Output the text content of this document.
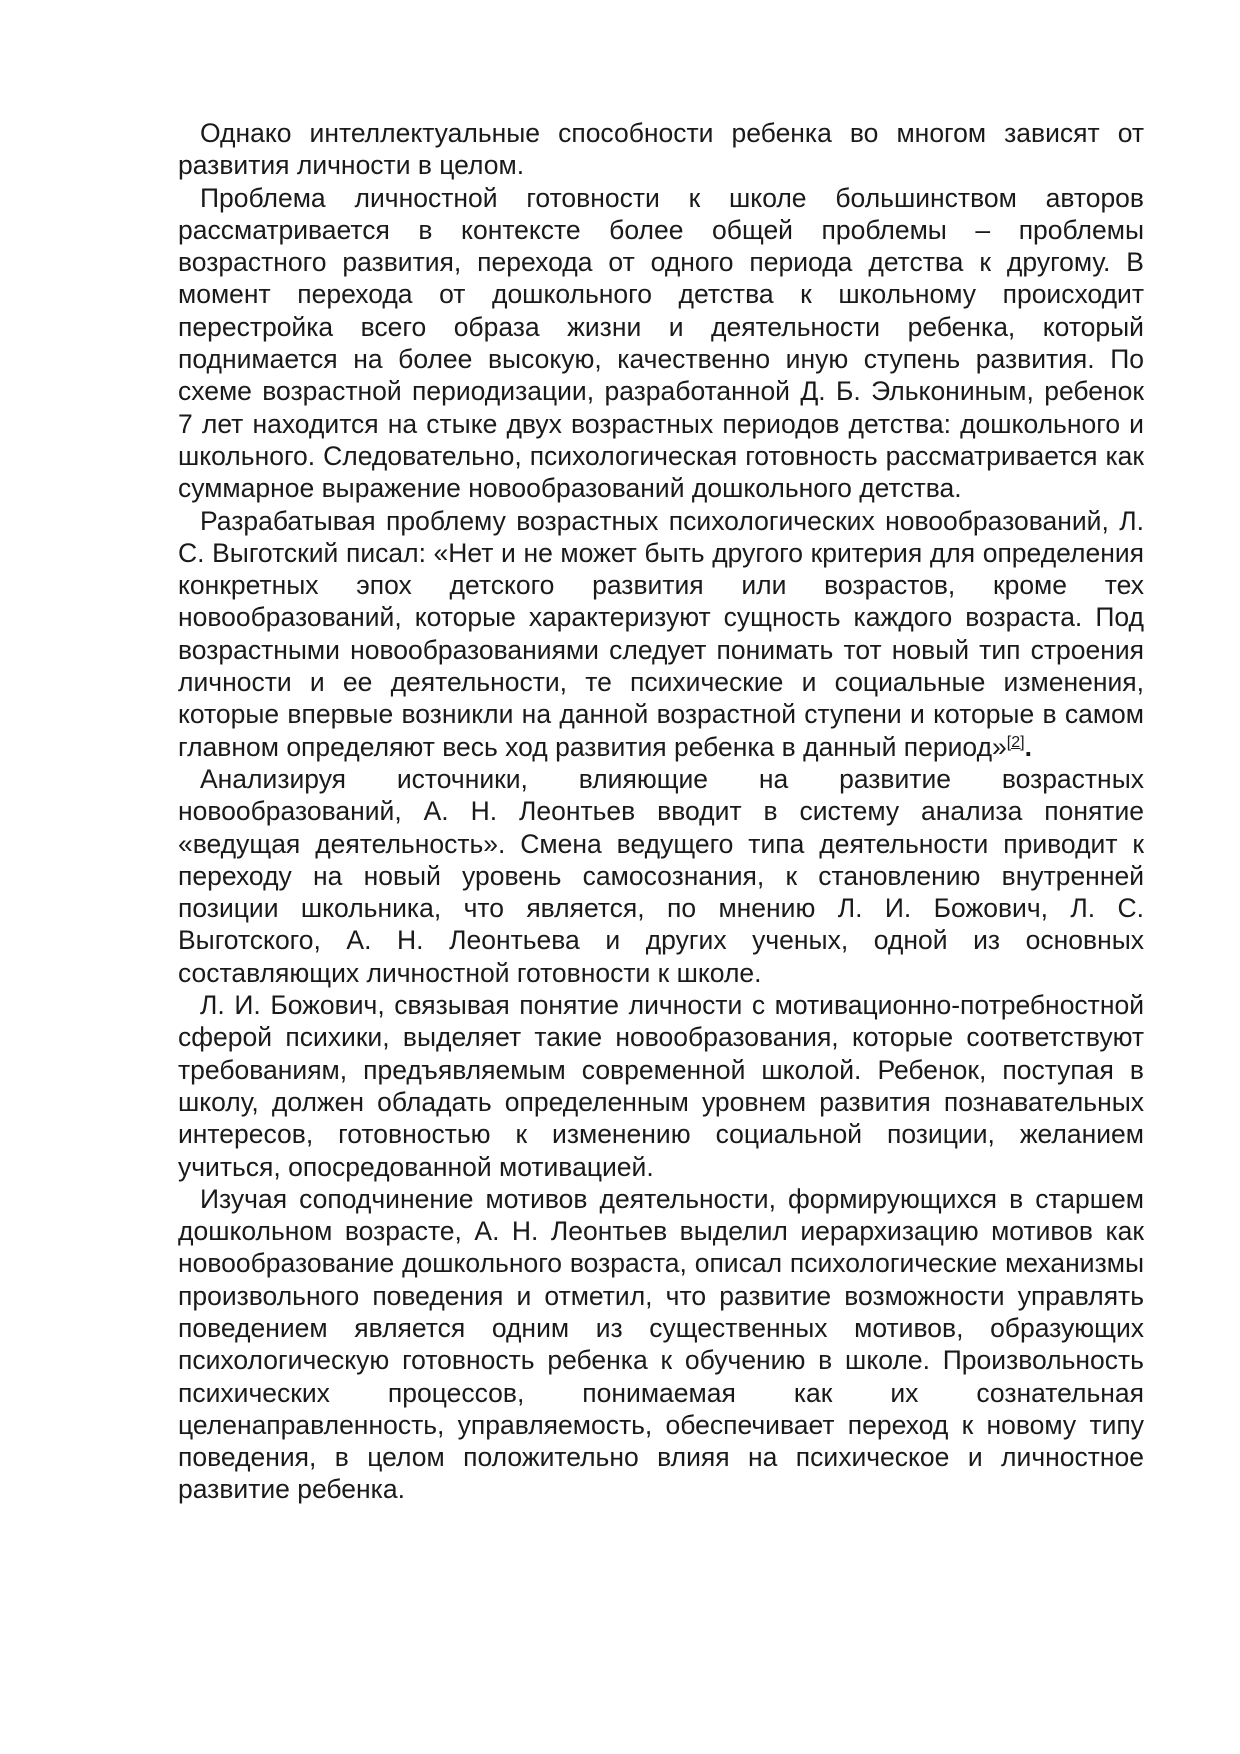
Однако интеллектуальные способности ребенка во многом зависят от развития личности в целом.

Проблема личностной готовности к школе большинством авторов рассматривается в контексте более общей проблемы – проблемы возрастного развития, перехода от одного периода детства к другому. В момент перехода от дошкольного детства к школьному происходит перестройка всего образа жизни и деятельности ребенка, который поднимается на более высокую, качественно иную ступень развития. По схеме возрастной периодизации, разработанной Д. Б. Элькониным, ребенок 7 лет находится на стыке двух возрастных периодов детства: дошкольного и школьного. Следовательно, психологическая готовность рассматривается как суммарное выражение новообразований дошкольного детства.

Разрабатывая проблему возрастных психологических новообразований, Л. С. Выготский писал: «Нет и не может быть другого критерия для определения конкретных эпох детского развития или возрастов, кроме тех новообразований, которые характеризуют сущность каждого возраста. Под возрастными новообразованиями следует понимать тот новый тип строения личности и ее деятельности, те психические и социальные изменения, которые впервые возникли на данной возрастной ступени и которые в самом главном определяют весь ход развития ребенка в данный период»[2].

Анализируя источники, влияющие на развитие возрастных новообразований, А. Н. Леонтьев вводит в систему анализа понятие «ведущая деятельность». Смена ведущего типа деятельности приводит к переходу на новый уровень самосознания, к становлению внутренней позиции школьника, что является, по мнению Л. И. Божович, Л. С. Выготского, А. Н. Леонтьева и других ученых, одной из основных составляющих личностной готовности к школе.

Л. И. Божович, связывая понятие личности с мотивационно-потребностной сферой психики, выделяет такие новообразования, которые соответствуют требованиям, предъявляемым современной школой. Ребенок, поступая в школу, должен обладать определенным уровнем развития познавательных интересов, готовностью к изменению социальной позиции, желанием учиться, опосредованной мотивацией.

Изучая соподчинение мотивов деятельности, формирующихся в старшем дошкольном возрасте, А. Н. Леонтьев выделил иерархизацию мотивов как новообразование дошкольного возраста, описал психологические механизмы произвольного поведения и отметил, что развитие возможности управлять поведением является одним из существенных мотивов, образующих психологическую готовность ребенка к обучению в школе. Произвольность психических процессов, понимаемая как их сознательная целенаправленность, управляемость, обеспечивает переход к новому типу поведения, в целом положительно влияя на психическое и личностное развитие ребенка.
